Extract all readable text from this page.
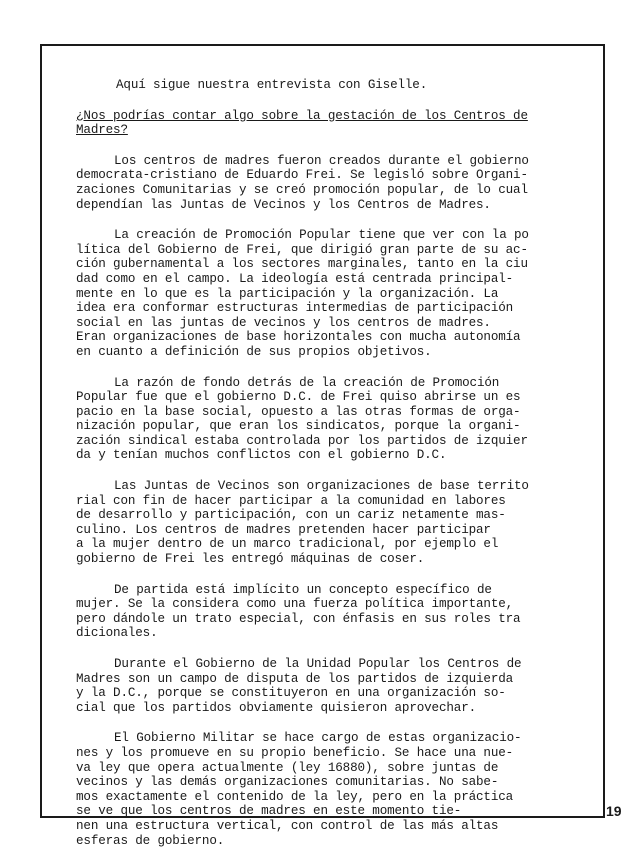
Aquí sigue nuestra entrevista con Giselle.
¿Nos podrías contar algo sobre la gestación de los Centros de
Madres?
Los centros de madres fueron creados durante el gobierno
democrata-cristiano de Eduardo Frei. Se legisló sobre Organi-
zaciones Comunitarias y se creó promoción popular, de lo cual
dependían las Juntas de Vecinos y los Centros de Madres.
La creación de Promoción Popular tiene que ver con la po
lítica del Gobierno de Frei, que dirigió gran parte de su ac-
ción gubernamental a los sectores marginales, tanto en la ciu
dad como en el campo. La ideología está centrada principal-
mente en lo que es la participación y la organización. La
idea era conformar estructuras intermedias de participación
social en las juntas de vecinos y los centros de madres.
Eran organizaciones de base horizontales con mucha autonomía
en cuanto a definición de sus propios objetivos.
La razón de fondo detrás de la creación de Promoción
Popular fue que el gobierno D.C. de Frei quiso abrirse un es
pacio en la base social, opuesto a las otras formas de orga-
nización popular, que eran los sindicatos, porque la organi-
zación sindical estaba controlada por los partidos de izquier
da y tenían muchos conflictos con el gobierno D.C.
Las Juntas de Vecinos son organizaciones de base territo
rial con fin de hacer participar a la comunidad en labores
de desarrollo y participación, con un cariz netamente mas-
culino. Los centros de madres pretenden hacer participar
a la mujer dentro de un marco tradicional, por ejemplo el
gobierno de Frei les entregó máquinas de coser.
De partida está implícito un concepto específico de
mujer. Se la considera como una fuerza política importante,
pero dándole un trato especial, con énfasis en sus roles tra
dicionales.
Durante el Gobierno de la Unidad Popular los Centros de
Madres son un campo de disputa de los partidos de izquierda
y la D.C., porque se constituyeron en una organización so-
cial que los partidos obviamente quisieron aprovechar.
El Gobierno Militar se hace cargo de estas organizacio-
nes y los promueve en su propio beneficio. Se hace una nue-
va ley que opera actualmente (ley 16880), sobre juntas de
vecinos y las demás organizaciones comunitarias. No sabe-
mos exactamente el contenido de la ley, pero en la práctica
se ve que los centros de madres en este momento tie-
nen una estructura vertical, con control de las más altas
esferas de gobierno.
19
